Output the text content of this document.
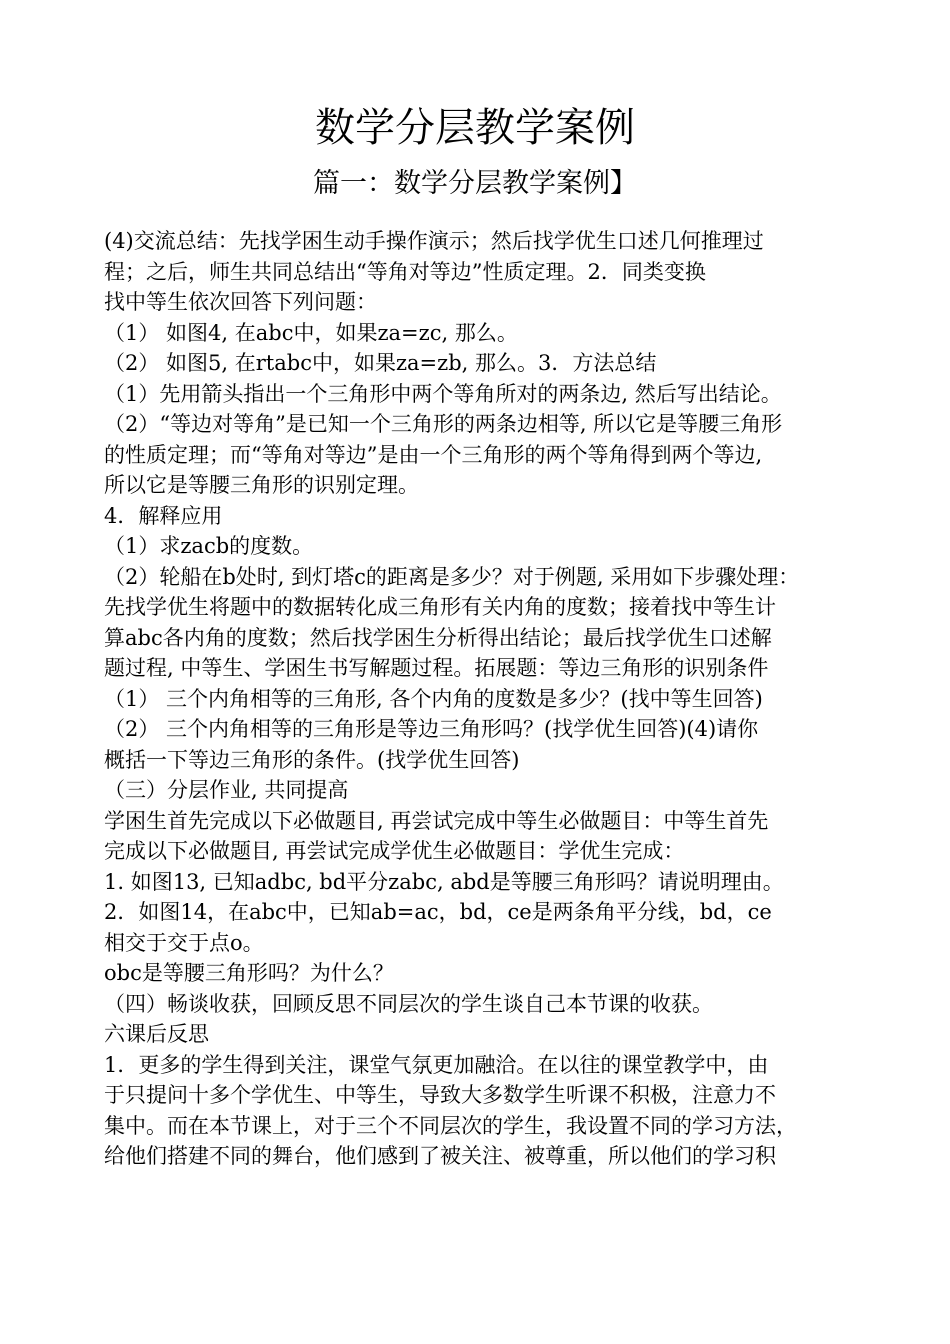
数学分层教学案例
篇一：数学分层教学案例】
(4)交流总结：先找学困生动手操作演示；然后找学优生口述几何推理过
程；之后，师生共同总结出“等角对等边”性质定理。2．同类变换
找中等生依次回答下列问题：
（1） 如图4, 在abc中，如果za=zc, 那么。
（2） 如图5, 在rtabc中，如果za=zb, 那么。3．方法总结
（1）先用箭头指出一个三角形中两个等角所对的两条边, 然后写出结论。
（2）“等边对等角”是已知一个三角形的两条边相等, 所以它是等腰三角形
的性质定理；而“等角对等边”是由一个三角形的两个等角得到两个等边,
所以它是等腰三角形的识别定理。
4．解释应用
（1）求zacb的度数。
（2）轮船在b处时, 到灯塔c的距离是多少？对于例题, 采用如下步骤处理：
先找学优生将题中的数据转化成三角形有关内角的度数；接着找中等生计
算abc各内角的度数；然后找学困生分析得出结论；最后找学优生口述解
题过程, 中等生、学困生书写解题过程。拓展题：等边三角形的识别条件
（1） 三个内角相等的三角形, 各个内角的度数是多少？(找中等生回答)
（2） 三个内角相等的三角形是等边三角形吗？(找学优生回答)(4)请你
概括一下等边三角形的条件。(找学优生回答)
（三）分层作业, 共同提高
学困生首先完成以下必做题目, 再尝试完成中等生必做题目：中等生首先
完成以下必做题目, 再尝试完成学优生必做题目：学优生完成：
1. 如图13, 已知adbc, bd平分zabc, abd是等腰三角形吗？请说明理由。
2．如图14，在abc中，已知ab=ac，bd，ce是两条角平分线，bd，ce
相交于交于点o。
obc是等腰三角形吗？为什么？
（四）畅谈收获，回顾反思不同层次的学生谈自己本节课的收获。
六课后反思
1．更多的学生得到关注，课堂气氛更加融洽。在以往的课堂教学中，由
于只提问十多个学优生、中等生，导致大多数学生听课不积极，注意力不
集中。而在本节课上，对于三个不同层次的学生，我设置不同的学习方法，
给他们搭建不同的舞台，他们感到了被关注、被尊重，所以他们的学习积
